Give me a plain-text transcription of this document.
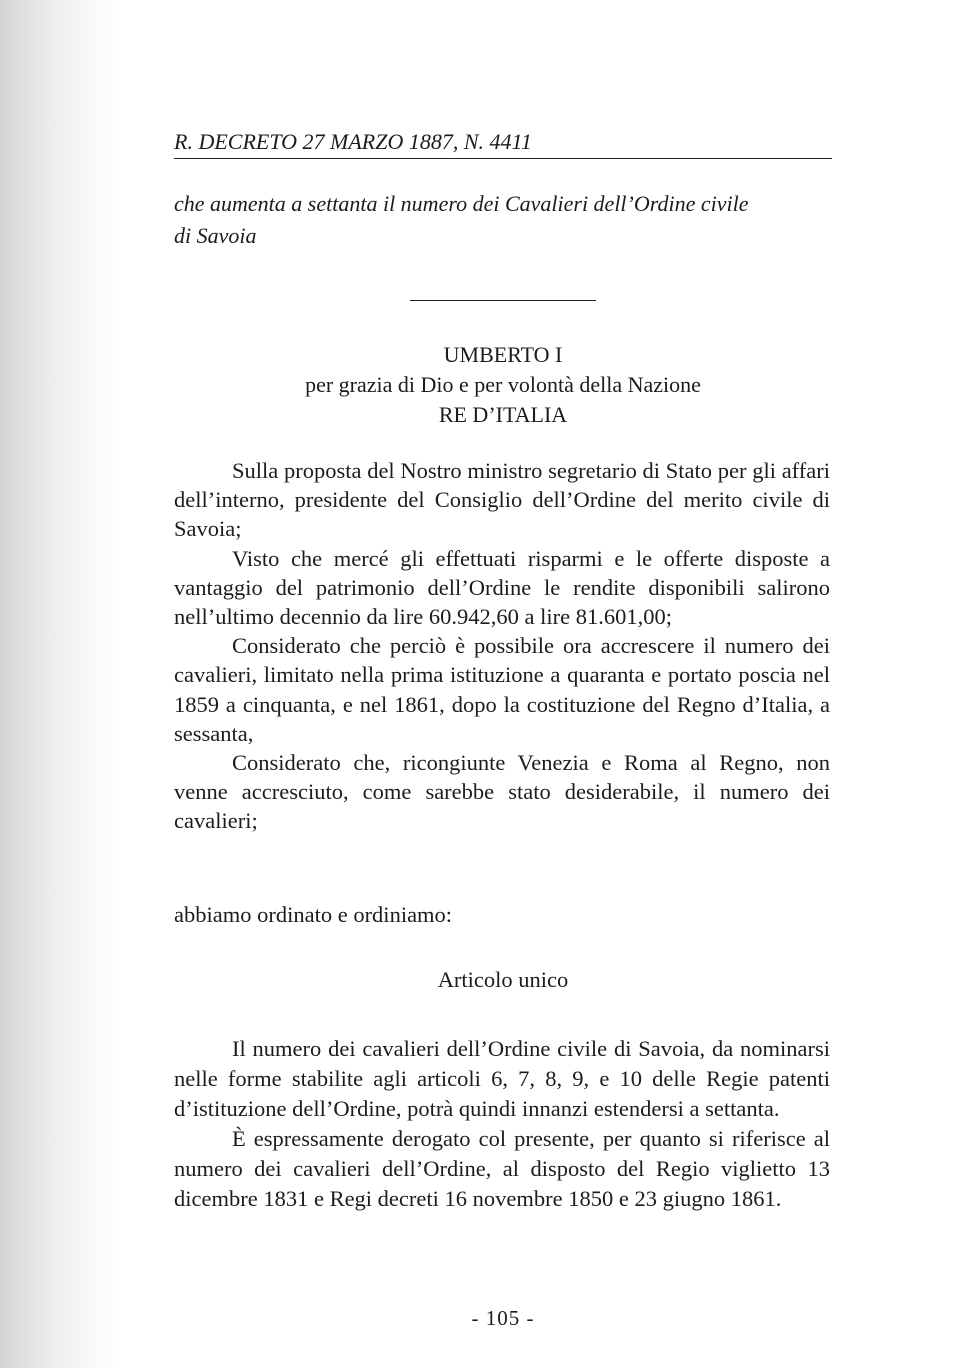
R. DECRETO 27 MARZO 1887, N. 4411
che aumenta a settanta il numero dei Cavalieri dell’Ordine civile
di Savoia
UMBERTO I
per grazia di Dio e per volontà della Nazione
RE D’ITALIA

Sulla proposta del Nostro ministro segretario di Stato per gli affari dell’interno, presidente del Consiglio dell’Ordine del merito civile di Savoia;

Visto che mercé gli effettuati risparmi e le offerte disposte a vantaggio del patrimonio dell’Ordine le rendite disponibili salirono nell’ultimo decennio da lire 60.942,60 a lire 81.601,00;

Considerato che perciò è possibile ora accrescere il numero dei cavalieri, limitato nella prima istituzione a quaranta e portato poscia nel 1859 a cinquanta, e nel 1861, dopo la costituzione del Regno d’Italia, a sessanta,

Considerato che, ricongiunte Venezia e Roma al Regno, non venne accresciuto, come sarebbe stato desiderabile, il numero dei cavalieri;

abbiamo ordinato e ordiniamo:
Articolo unico

Il numero dei cavalieri dell’Ordine civile di Savoia, da nominarsi nelle forme stabilite agli articoli 6, 7, 8, 9, e 10 delle Regie patenti d’istituzione dell’Ordine, potrà quindi innanzi estendersi a settanta.

È espressamente derogato col presente, per quanto si riferisce al numero dei cavalieri dell’Ordine, al disposto del Regio viglietto 13 dicembre 1831 e Regi decreti 16 novembre 1850 e 23 giugno 1861.

- 105 -
